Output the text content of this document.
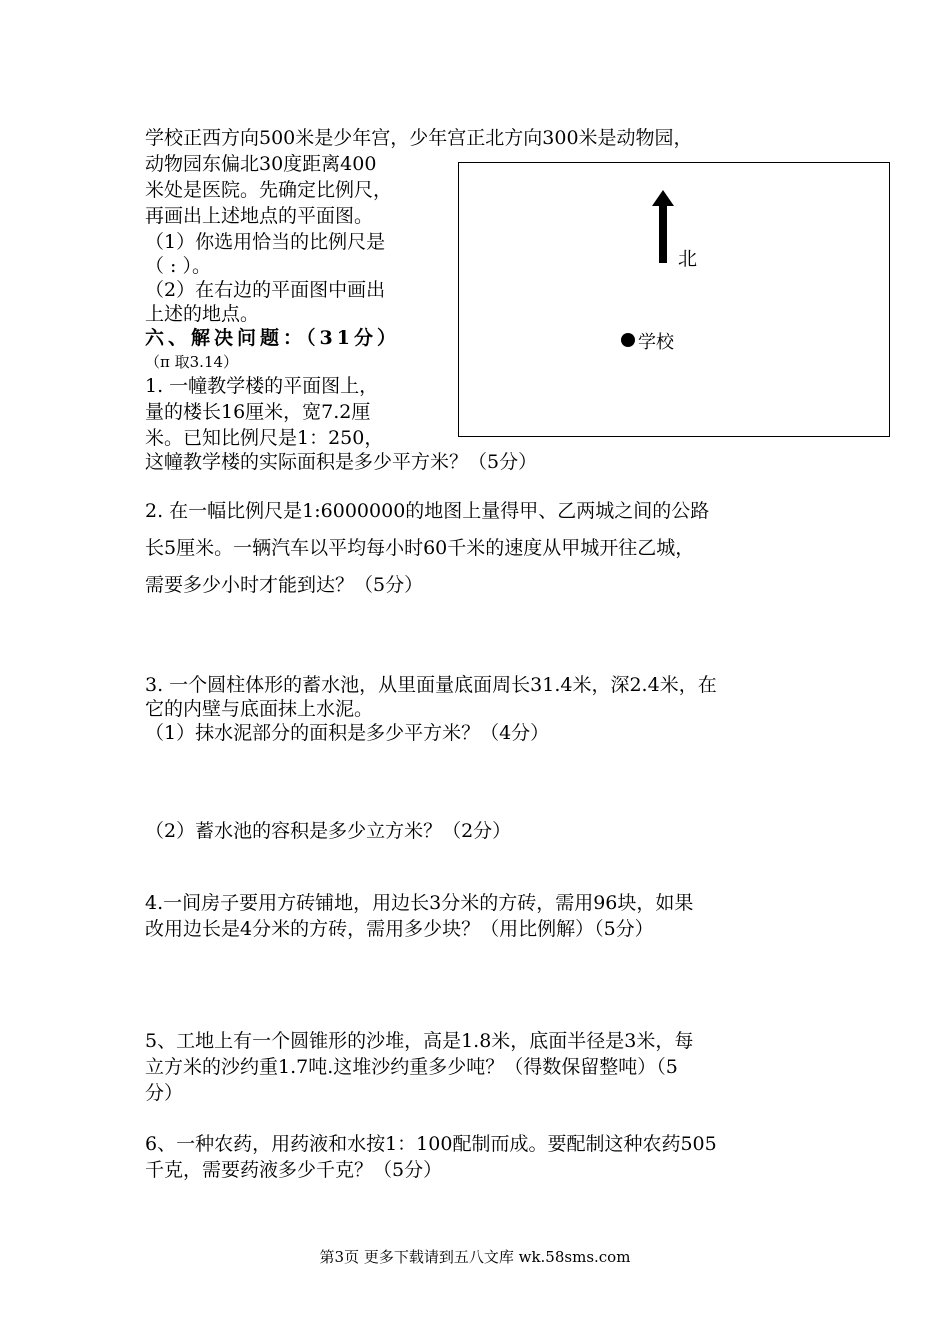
学校正西方向500米是少年宫，少年宫正北方向300米是动物园，
动物园东偏北30度距离400
米处是医院。先确定比例尺，
再画出上述地点的平面图。
（1）你选用恰当的比例尺是
（ : ）。
（2）在右边的平面图中画出
上述的地点。
六、解决问题：（31分）
（π 取3.14）
北
学校
1. 一幢教学楼的平面图上，
量的楼长16厘米，宽7.2厘
米。已知比例尺是1：250，
这幢教学楼的实际面积是多少平方米？（5分）
2. 在一幅比例尺是1:6000000的地图上量得甲、乙两城之间的公路
长5厘米。一辆汽车以平均每小时60千米的速度从甲城开往乙城，
需要多少小时才能到达？（5分）
3. 一个圆柱体形的蓄水池，从里面量底面周长31.4米，深2.4米，在
它的内壁与底面抹上水泥。
（1）抹水泥部分的面积是多少平方米？（4分）
（2）蓄水池的容积是多少立方米？（2分）
4.一间房子要用方砖铺地，用边长3分米的方砖，需用96块，如果
改用边长是4分米的方砖，需用多少块？（用比例解）（5分）
5、工地上有一个圆锥形的沙堆，高是1.8米，底面半径是3米，每
立方米的沙约重1.7吨.这堆沙约重多少吨？（得数保留整吨）（5
分）
6、一种农药，用药液和水按1：100配制而成。要配制这种农药505
千克，需要药液多少千克？（5分）
第3页 更多下载请到五八文库 wk.58sms.com
